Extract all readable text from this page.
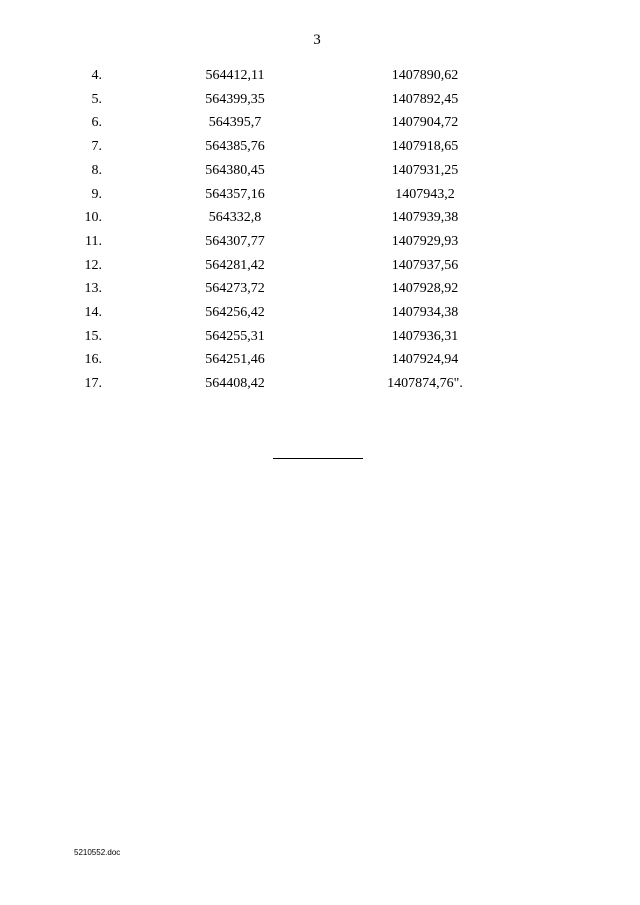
3
4.	564412,11		1407890,62	
5.	564399,35		1407892,45	
6.	564395,7		1407904,72	
7.	564385,76		1407918,65	
8.	564380,45		1407931,25	
9.	564357,16		1407943,2	
10.	564332,8		1407939,38	
11.	564307,77		1407929,93	
12.	564281,42		1407937,56	
13.	564273,72		1407928,92	
14.	564256,42		1407934,38	
15.	564255,31		1407936,31	
16.	564251,46		1407924,94	
17.	564408,42		1407874,76".	
5210552.doc
